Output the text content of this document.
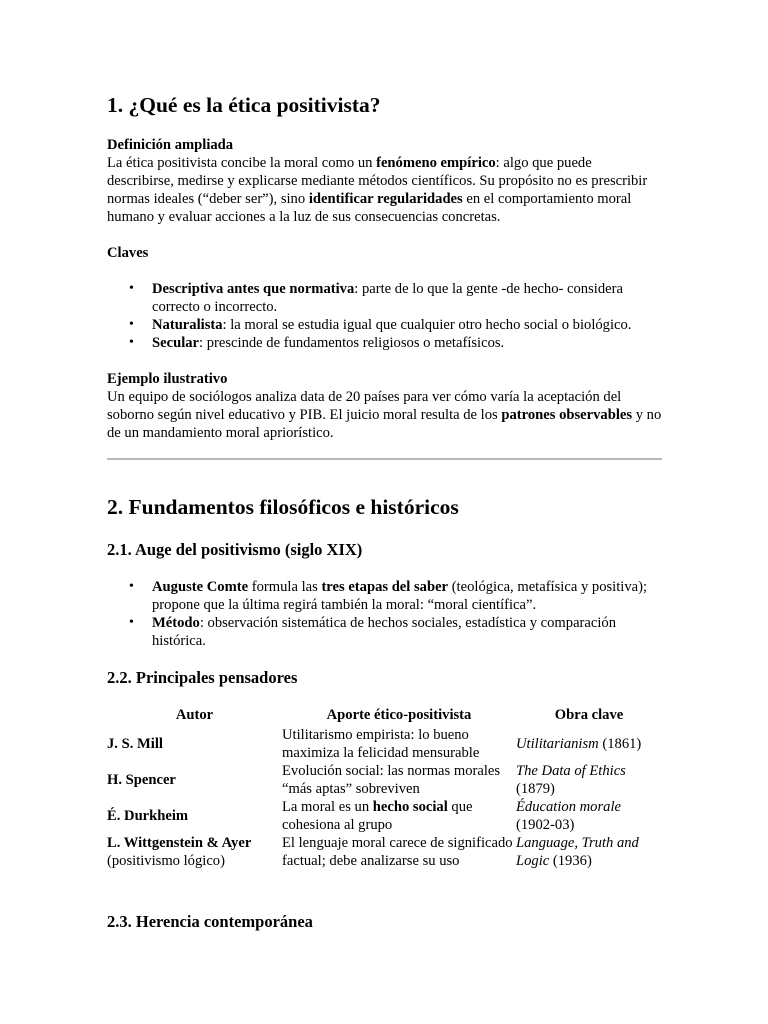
1. ¿Qué es la ética positivista?

Definición ampliada

La ética positivista concibe la moral como un fenómeno empírico: algo que puede describirse, medirse y explicarse mediante métodos científicos. Su propósito no es prescribir normas ideales (“deber ser”), sino identificar regularidades en el comportamiento moral humano y evaluar acciones a la luz de sus consecuencias concretas.

Claves
• Descriptiva antes que normativa: parte de lo que la gente -de hecho- considera correcto o incorrecto.
• Naturalista: la moral se estudia igual que cualquier otro hecho social o biológico.
• Secular: prescinde de fundamentos religiosos o metafísicos.

Ejemplo ilustrativo

Un equipo de sociólogos analiza data de 20 países para ver cómo varía la aceptación del soborno según nivel educativo y PIB. El juicio moral resulta de los patrones observables y no de un mandamiento moral apriorístico.

2. Fundamentos filosóficos e históricos
2.1. Auge del positivismo (siglo XIX)
• Auguste Comte formula las tres etapas del saber (teológica, metafísica y positiva); propone que la última regirá también la moral: “moral científica”.
• Método: observación sistemática de hechos sociales, estadística y comparación histórica.
2.2. Principales pensadores
Autor	Aporte ético-positivista	Obra clave
J. S. Mill	Utilitarismo empirista: lo bueno maximiza la felicidad mensurable	Utilitarianism (1861)
H. Spencer	Evolución social: las normas morales “más aptas” sobreviven	The Data of Ethics (1879)
É. Durkheim	La moral es un hecho social que cohesiona al grupo	Éducation morale (1902-03)
L. Wittgenstein & Ayer
(positivismo lógico)	El lenguaje moral carece de significado factual; debe analizarse su uso	Language, Truth and Logic (1936)
2.3. Herencia contemporánea
